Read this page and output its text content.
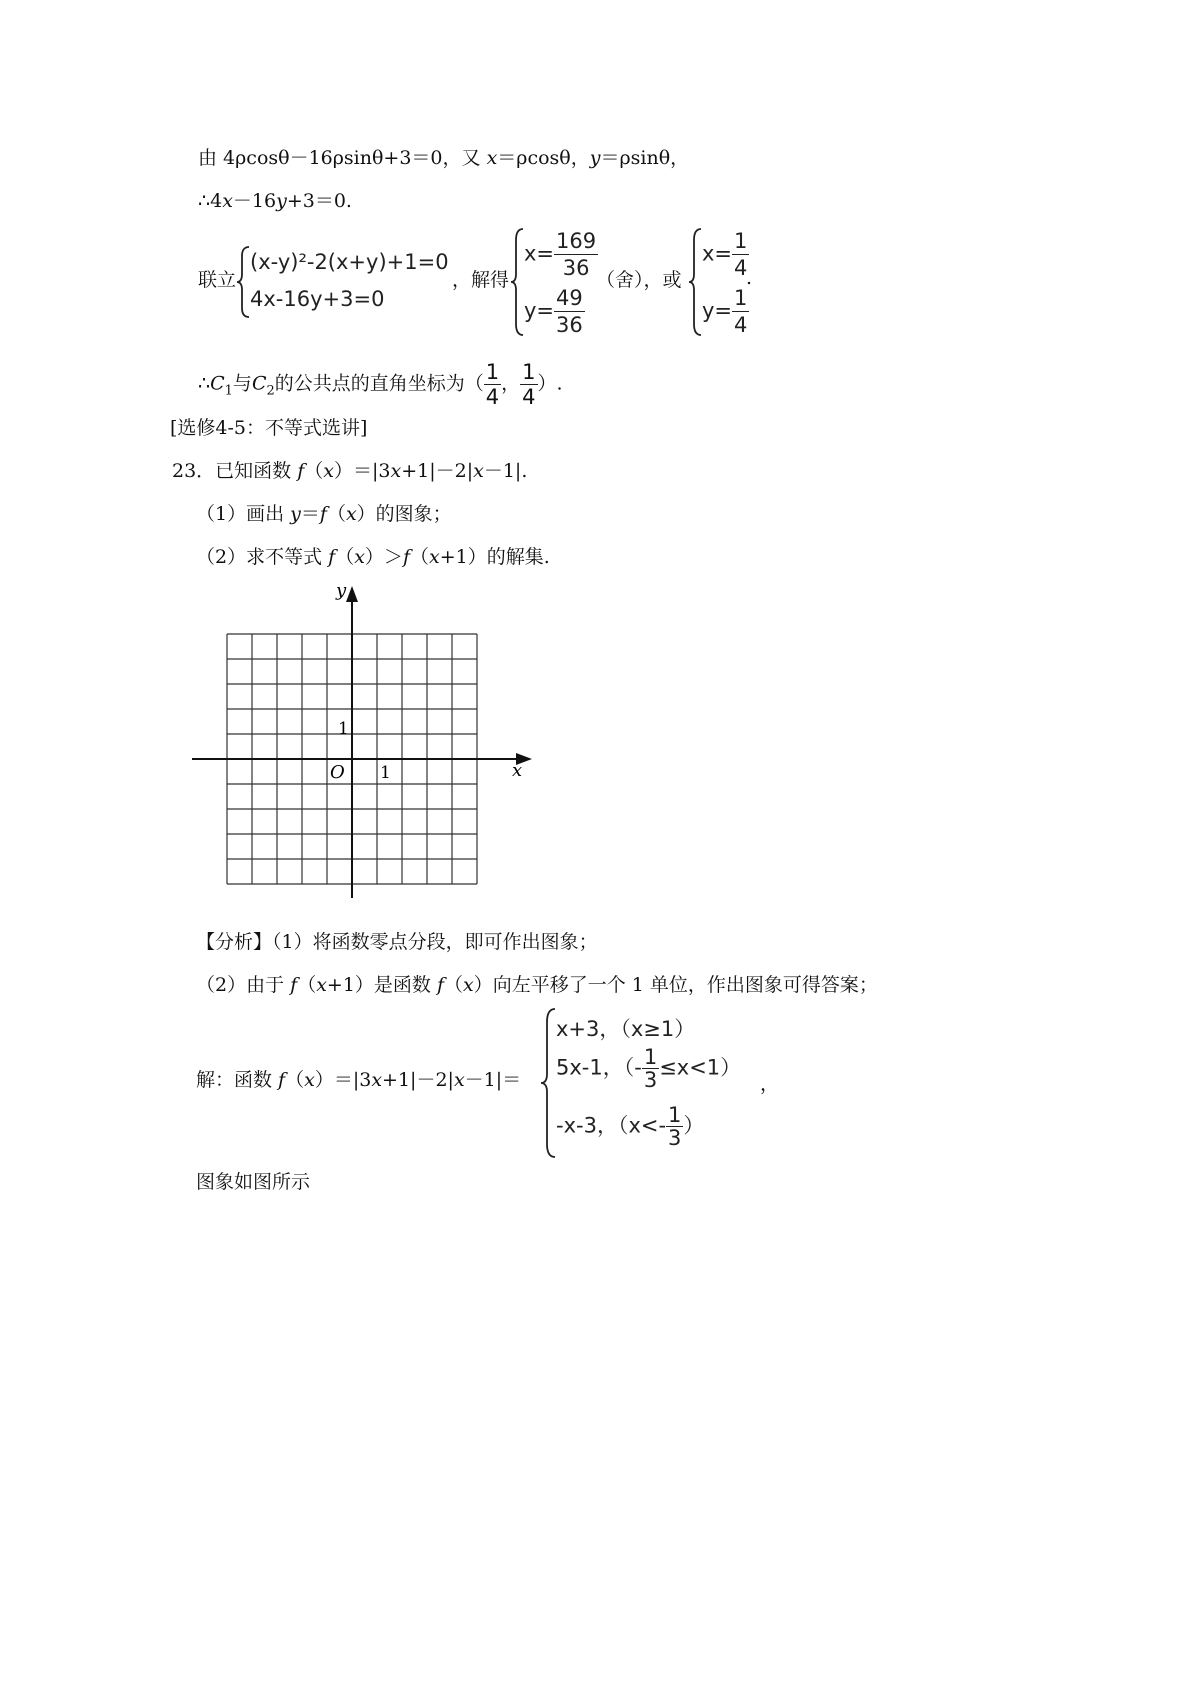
由 4ρcosθ－16ρsinθ+3＝0，又 x＝ρcosθ，y＝ρsinθ，
∴4x－16y+3＝0.
联立
(x-y)²-2(x+y)+1=0
4x-16y+3=0
，解得
$x= \frac{169}{36}$
$y= \frac{49}{36}$
（舍），或
$x= \frac{1}{4}$
$y= \frac{1}{4}$
.
$\therefore C_1$与$C_2$的公共点的直角坐标为（ $\frac{1}{4}$ ， $\frac{1}{4}$ ）.
[选修4-5：不等式选讲]
23．已知函数 f（x）＝|3x+1|－2|x－1|.
（1）画出 y＝f（x）的图象；
（2）求不等式 f（x）＞f（x+1）的解集.
y
x
O
1
1
【分析】（1）将函数零点分段，即可作出图象；
（2）由于 f（x+1）是函数 f（x）向左平移了一个 1 单位，作出图象可得答案；
解：函数 f（x）＝|3x+1|－2|x－1|＝
x+3，（x≥1）
5x-1，（- $\frac{1}{3} \le x<1$）
-x-3，（$x<- \frac{1}{3}$ ）
，
图象如图所示
